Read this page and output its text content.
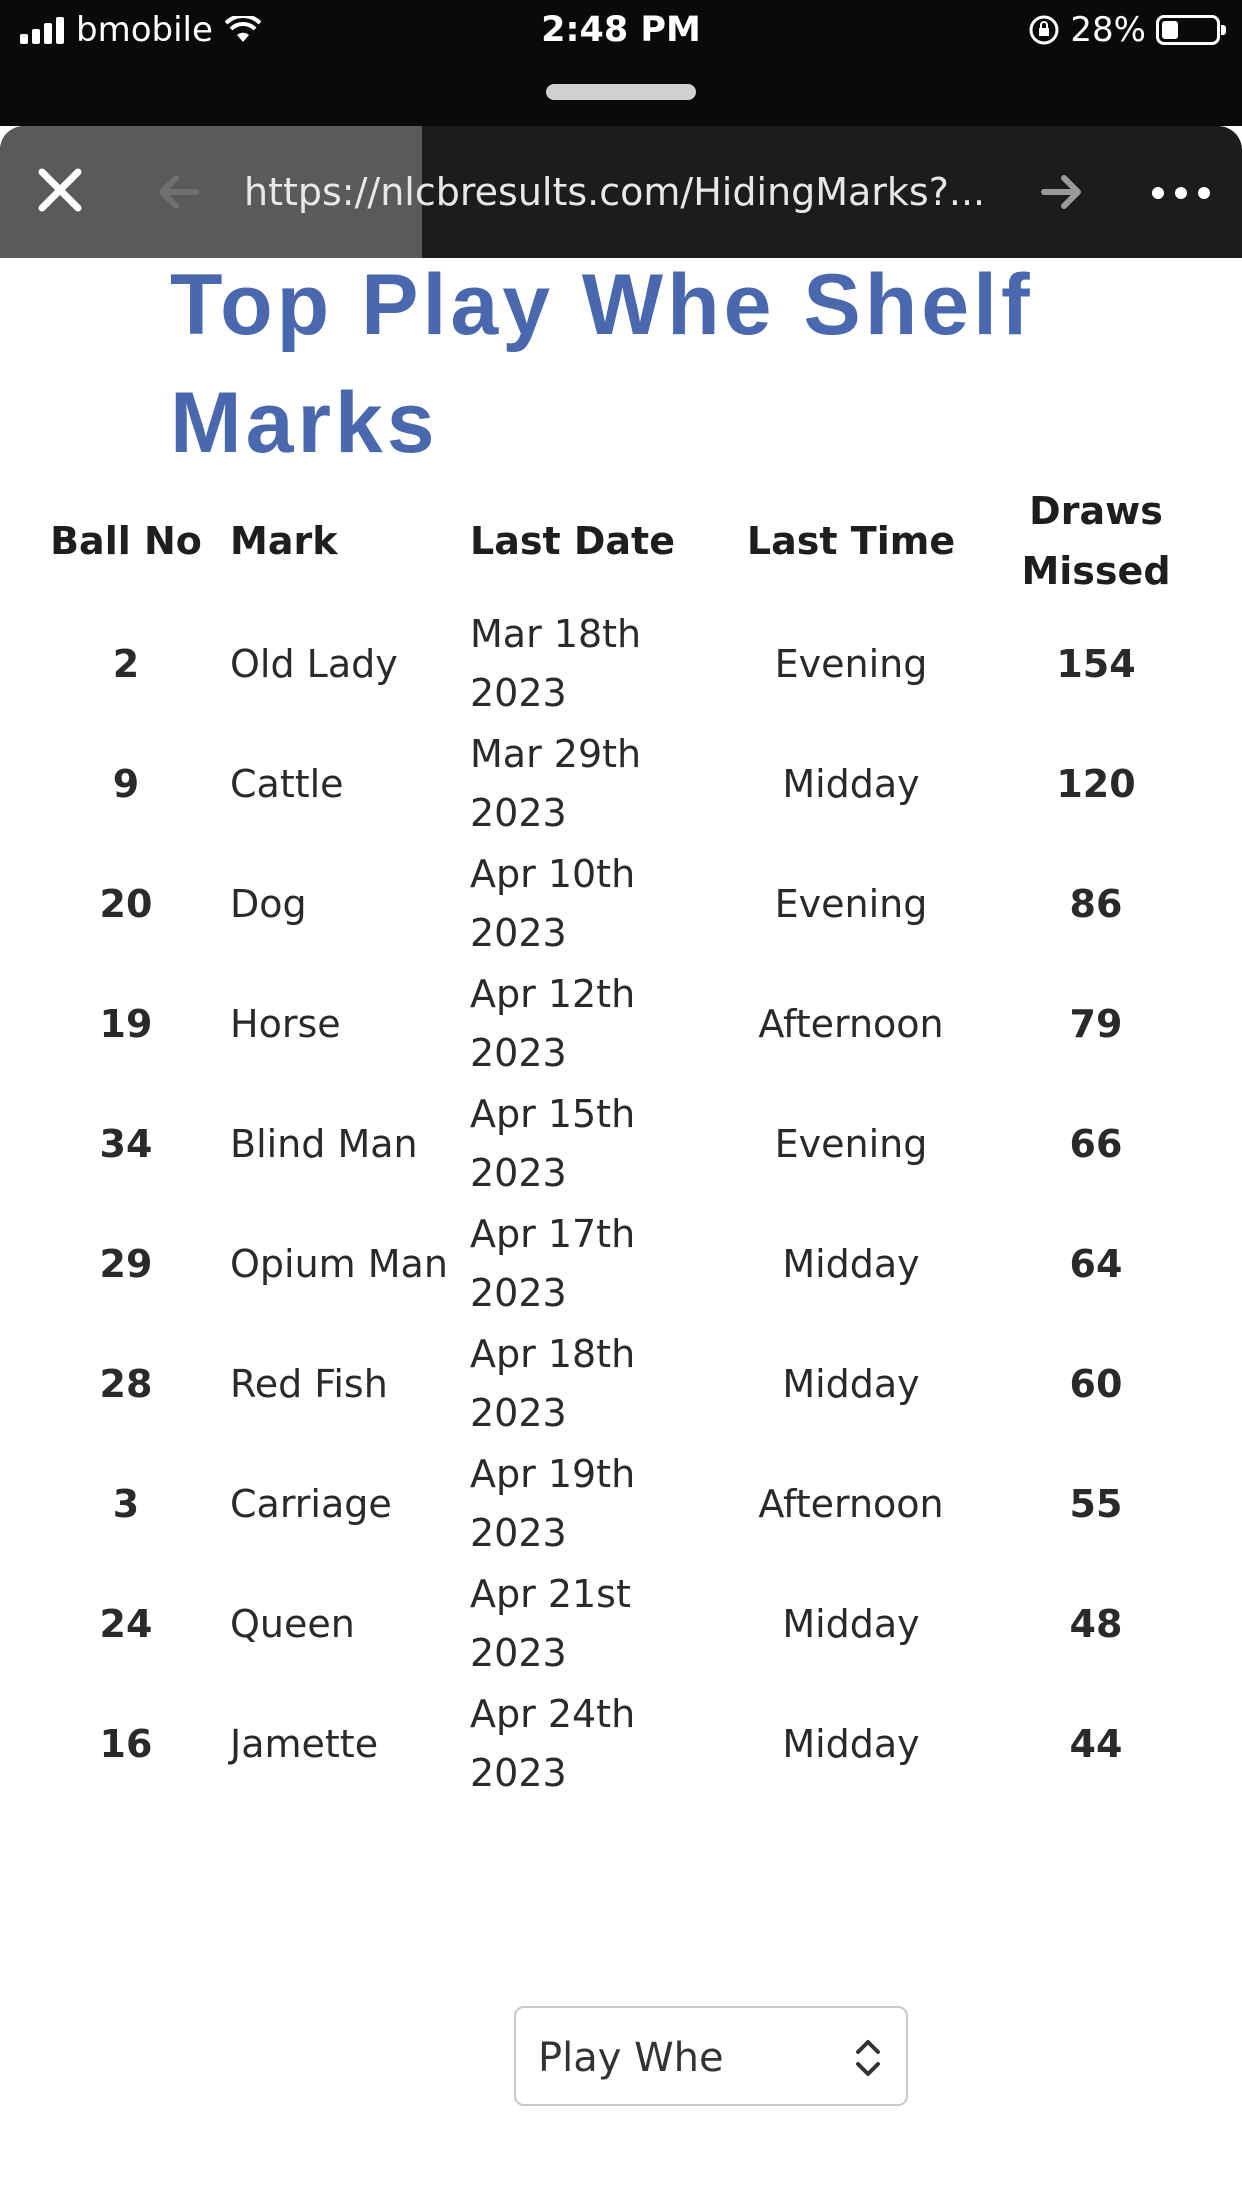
bmobile	2:48 PM	28%
https://nlcbresults.com/HidingMarks?...
Top Play Whe Shelf Marks
Ball No	Mark	Last Date	Last Time	Draws Missed
2	Old Lady	Mar 18th 2023	Evening	154
9	Cattle	Mar 29th 2023	Midday	120
20	Dog	Apr 10th 2023	Evening	86
19	Horse	Apr 12th 2023	Afternoon	79
34	Blind Man	Apr 15th 2023	Evening	66
29	Opium Man	Apr 17th 2023	Midday	64
28	Red Fish	Apr 18th 2023	Midday	60
3	Carriage	Apr 19th 2023	Afternoon	55
24	Queen	Apr 21st 2023	Midday	48
16	Jamette	Apr 24th 2023	Midday	44
Play Whe
